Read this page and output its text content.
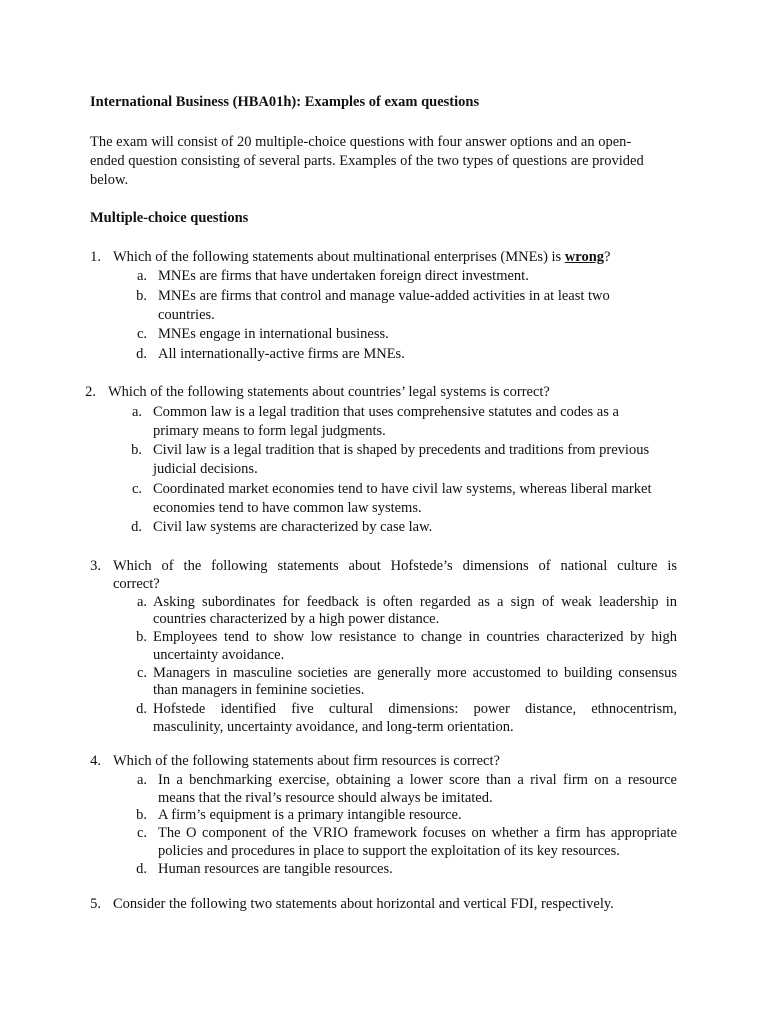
International Business (HBA01h): Examples of exam questions
The exam will consist of 20 multiple-choice questions with four answer options and an open-
ended question consisting of several parts. Examples of the two types of questions are provided
below.
Multiple-choice questions
1. Which of the following statements about multinational enterprises (MNEs) is wrong?
a. MNEs are firms that have undertaken foreign direct investment.
b. MNEs are firms that control and manage value-added activities in at least two
countries.
c. MNEs engage in international business.
d. All internationally-active firms are MNEs.
2. Which of the following statements about countries’ legal systems is correct?
a. Common law is a legal tradition that uses comprehensive statutes and codes as a
primary means to form legal judgments.
b. Civil law is a legal tradition that is shaped by precedents and traditions from previous
judicial decisions.
c. Coordinated market economies tend to have civil law systems, whereas liberal market
economies tend to have common law systems.
d. Civil law systems are characterized by case law.
3. Which of the following statements about Hofstede’s dimensions of national culture is
correct?
a. Asking subordinates for feedback is often regarded as a sign of weak leadership in
countries characterized by a high power distance.
b. Employees tend to show low resistance to change in countries characterized by high
uncertainty avoidance.
c. Managers in masculine societies are generally more accustomed to building consensus
than managers in feminine societies.
d. Hofstede identified five cultural dimensions: power distance, ethnocentrism,
masculinity, uncertainty avoidance, and long-term orientation.
4. Which of the following statements about firm resources is correct?
a. In a benchmarking exercise, obtaining a lower score than a rival firm on a resource
means that the rival’s resource should always be imitated.
b. A firm’s equipment is a primary intangible resource.
c. The O component of the VRIO framework focuses on whether a firm has appropriate
policies and procedures in place to support the exploitation of its key resources.
d. Human resources are tangible resources.
5. Consider the following two statements about horizontal and vertical FDI, respectively.
